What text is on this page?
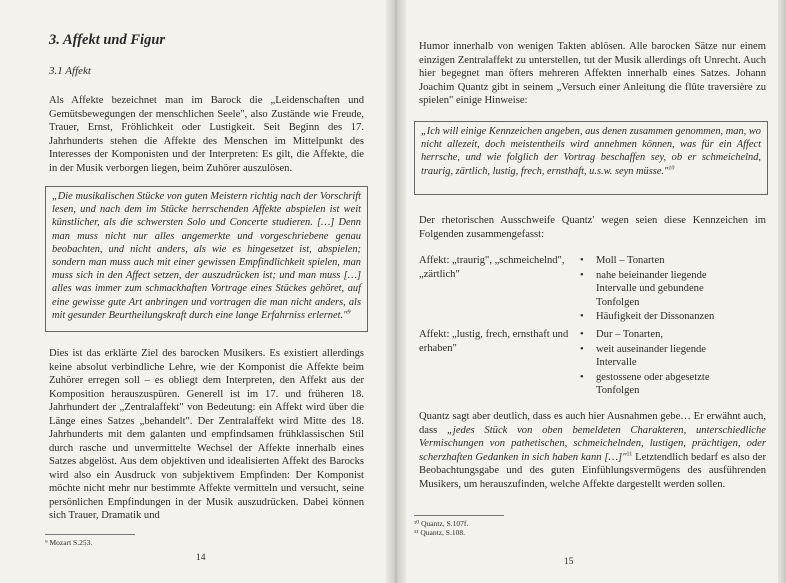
3. Affekt und Figur
3.1 Affekt
Als Affekte bezeichnet man im Barock die „Leidenschaften und Gemütsbewegungen der menschlichen Seele", also Zustände wie Freude, Trauer, Ernst, Fröhlichkeit oder Lustigkeit. Seit Beginn des 17. Jahrhunderts stehen die Affekte des Menschen im Mittelpunkt des Interesses der Komponisten und der Interpreten: Es gilt, die Affekte, die in der Musik verborgen liegen, beim Zuhörer auszulösen.
„Die musikalischen Stücke von guten Meistern richtig nach der Vorschrift lesen, und nach dem im Stücke herrschenden Affekte abspielen ist weit künstlicher, als die schwersten Solo und Concerte studieren. […] Denn man muss nicht nur alles angemerkte und vorgeschriebene genau beobachten, und nicht anders, als wie es hingesetzet ist, abspielen; sondern man muss auch mit einer gewissen Empfindlichkeit spielen, man muss sich in den Affect setzen, der auszudrücken ist; und man muss […] alles was immer zum schmackhaften Vortrage eines Stückes gehöret, auf eine gewisse gute Art anbringen und vortragen die man nicht anders, als mit gesunder Beurtheilungskraft durch eine lange Erfahrniss erlernet."$^9$
Dies ist das erklärte Ziel des barocken Musikers. Es existiert allerdings keine absolut verbindliche Lehre, wie der Komponist die Affekte beim Zuhörer erregen soll – es obliegt dem Interpreten, den Affekt aus der Komposition herauszuspüren. Generell ist im 17. und früheren 18. Jahrhundert der „Zentralaffekt" von Bedeutung: ein Affekt wird über die Länge eines Satzes „behandelt". Der Zentralaffekt wird Mitte des 18. Jahrhunderts mit dem galanten und empfindsamen frühklassischen Stil durch rasche und unvermittelte Wechsel der Affekte innerhalb eines Satzes abgelöst. Aus dem objektiven und idealisierten Affekt des Barocks wird also ein Ausdruck von subjektivem Empfinden: Der Komponist möchte nicht mehr nur bestimmte Affekte vermitteln und versucht, seine persönlichen Empfindungen in der Musik auszudrücken. Dabei können sich Trauer, Dramatik und
⁹ Mozart S.253.
14
Humor innerhalb von wenigen Takten ablösen. Alle barocken Sätze nur einem einzigen Zentralaffekt zu unterstellen, tut der Musik allerdings oft Unrecht. Auch hier begegnet man öfters mehreren Affekten innerhalb eines Satzes. Johann Joachim Quantz gibt in seinem „Versuch einer Anleitung die flûte traversière zu spielen" einige Hinweise:
„Ich will einige Kennzeichen angeben, aus denen zusammen genommen, man, wo nicht allezeit, doch meistentheils wird annehmen können, was für ein Affect herrsche, und wie folglich der Vortrag beschaffen sey, ob er schmeichelnd, traurig, zärtlich, lustig, frech, ernsthaft, u.s.w. seyn müsse."$^{10}$
Der rhetorischen Ausschweife Quantz' wegen seien diese Kennzeichen im Folgenden zusammengefasst:
Affekt: „traurig", „schmeichelnd", „zärtlich"
• Moll – Tonarten
• nahe beieinander liegende Intervalle und gebundene Tonfolgen
• Häufigkeit der Dissonanzen
Affekt: „lustig, frech, ernsthaft und erhaben"
• Dur – Tonarten,
• weit auseinander liegende Intervalle
• gestossene oder abgesetzte Tonfolgen
Quantz sagt aber deutlich, dass es auch hier Ausnahmen gebe… Er erwähnt auch, dass „jedes Stück von oben bemeldeten Charakteren, unterschiedliche Vermischungen von pathetischen, schmeichelnden, lustigen, prächtigen, oder scherzhaften Gedanken in sich haben kann […]"$^{11}$ Letztendlich bedarf es also der Beobachtungsgabe und des guten Einfühlungsvermögens des ausführenden Musikers, um herauszufinden, welche Affekte dargestellt werden sollen.
¹⁰ Quantz, S.107f.
¹¹ Quantz, S.108.
15
